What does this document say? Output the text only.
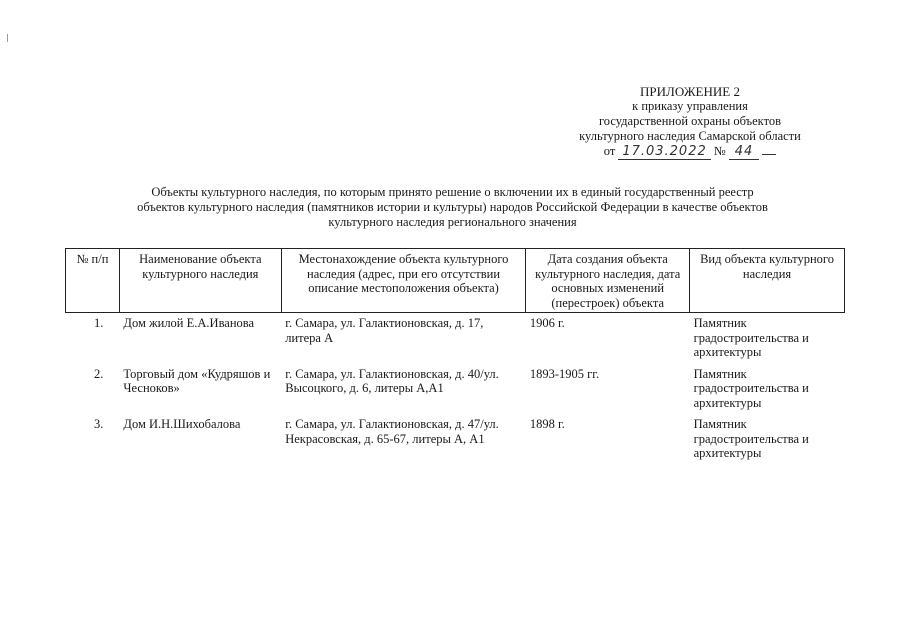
ПРИЛОЖЕНИЕ 2
к приказу управления
государственной охраны объектов
культурного наследия Самарской области
от 17.03.2022 № 44
Объекты культурного наследия, по которым принято решение о включении их в единый государственный реестр
объектов культурного наследия (памятников истории и культуры) народов Российской Федерации в качестве объектов
культурного наследия регионального значения
№ п/п	Наименование объекта культурного наследия	Местонахождение объекта культурного наследия (адрес, при его отсутствии описание местоположения объекта)	Дата создания объекта культурного наследия, дата основных изменений (перестроек) объекта	Вид объекта культурного наследия
1.	Дом жилой Е.А.Иванова	г. Самара, ул. Галактионовская, д. 17, литера А	1906 г.	Памятник градостроительства и архитектуры
2.	Торговый дом «Кудряшов и Чесноков»	г. Самара, ул. Галактионовская, д. 40/ул. Высоцкого, д. 6, литеры А,А1	1893-1905 гг.	Памятник градостроительства и архитектуры
3.	Дом И.Н.Шихобалова	г. Самара, ул. Галактионовская, д. 47/ул. Некрасовская, д. 65-67, литеры А, А1	1898 г.	Памятник градостроительства и архитектуры
